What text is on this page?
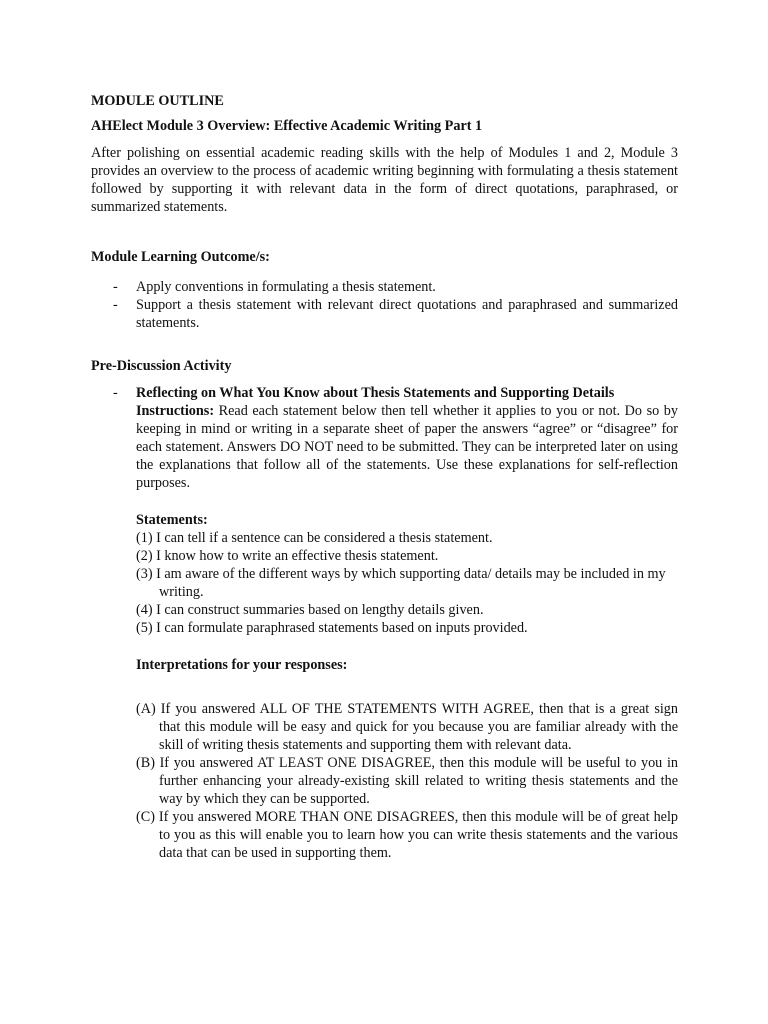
MODULE OUTLINE

AHElect Module 3 Overview: Effective Academic Writing Part 1

After polishing on essential academic reading skills with the help of Modules 1 and 2, Module 3 provides an overview to the process of academic writing beginning with formulating a thesis statement followed by supporting it with relevant data in the form of direct quotations, paraphrased, or summarized statements.

Module Learning Outcome/s:

- Apply conventions in formulating a thesis statement.
- Support a thesis statement with relevant direct quotations and paraphrased and summarized statements.

Pre-Discussion Activity

- Reflecting on What You Know about Thesis Statements and Supporting Details
Instructions: Read each statement below then tell whether it applies to you or not. Do so by keeping in mind or writing in a separate sheet of paper the answers “agree” or “disagree” for each statement. Answers DO NOT need to be submitted. They can be interpreted later on using the explanations that follow all of the statements. Use these explanations for self-reflection purposes.
Statements:
(1) I can tell if a sentence can be considered a thesis statement.
(2) I know how to write an effective thesis statement.
(3) I am aware of the different ways by which supporting data/ details may be included in my writing.
(4) I can construct summaries based on lengthy details given.
(5) I can formulate paraphrased statements based on inputs provided.
Interpretations for your responses:
(A) If you answered ALL OF THE STATEMENTS WITH AGREE, then that is a great sign that this module will be easy and quick for you because you are familiar already with the skill of writing thesis statements and supporting them with relevant data.
(B) If you answered AT LEAST ONE DISAGREE, then this module will be useful to you in further enhancing your already-existing skill related to writing thesis statements and the way by which they can be supported.
(C) If you answered MORE THAN ONE DISAGREES, then this module will be of great help to you as this will enable you to learn how you can write thesis statements and the various data that can be used in supporting them.
